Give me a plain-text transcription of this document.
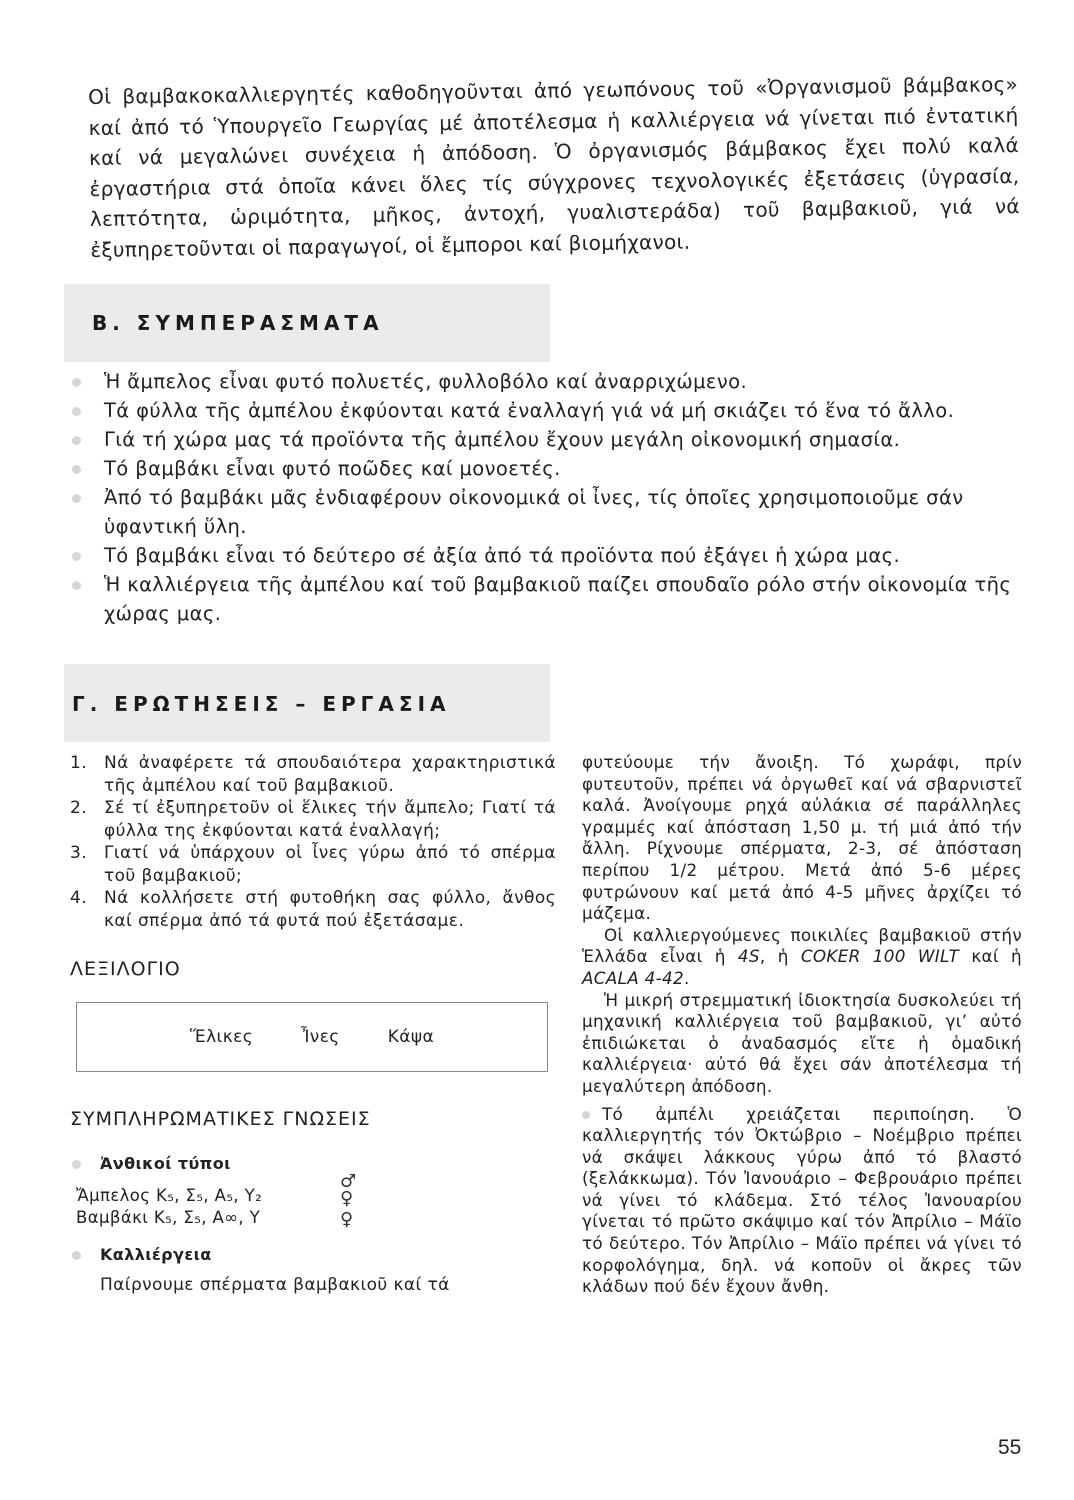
Οἱ βαμβακοκαλλιεργητές καθοδηγοῦνται ἀπό γεωπόνους τοῦ «Ὀργανισμοῦ βάμβακος» καί ἀπό τό Ὑπουργεῖο Γεωργίας μέ ἀποτέλεσμα ἡ καλλιέργεια νά γίνεται πιό ἐντατική καί νά μεγαλώνει συνέχεια ἡ ἀπόδοση. Ὁ ὀργανισμός βάμβακος ἔχει πολύ καλά ἐργαστήρια στά ὁποῖα κάνει ὅλες τίς σύγχρονες τεχνολογικές ἐξετάσεις (ὑγρασία, λεπτότητα, ὡριμότητα, μῆκος, ἀντοχή, γυαλιστεράδα) τοῦ βαμβακιοῦ, γιά νά ἐξυπηρετοῦνται οἱ παραγωγοί, οἱ ἔμποροι καί βιομήχανοι.
Β. ΣΥΜΠΕΡΑΣΜΑΤΑ
Ἡ ἄμπελος εἶναι φυτό πολυετές, φυλλοβόλο καί ἀναρριχώμενο.
Τά φύλλα τῆς ἀμπέλου ἐκφύονται κατά ἐναλλαγή γιά νά μή σκιάζει τό ἕνα τό ἄλλο.
Γιά τή χώρα μας τά προϊόντα τῆς ἀμπέλου ἔχουν μεγάλη οἰκονομική σημασία.
Τό βαμβάκι εἶναι φυτό ποῶδες καί μονοετές.
Ἀπό τό βαμβάκι μᾶς ἐνδιαφέρουν οἰκονομικά οἱ ἶνες, τίς ὁποῖες χρησιμοποιοῦμε σάν ὑφαντική ὕλη.
Τό βαμβάκι εἶναι τό δεύτερο σέ ἀξία ἀπό τά προϊόντα πού ἐξάγει ἡ χώρα μας.
Ἡ καλλιέργεια τῆς ἀμπέλου καί τοῦ βαμβακιοῦ παίζει σπουδαῖο ρόλο στήν οἰκονομία τῆς χώρας μας.
Γ. ΕΡΩΤΗΣΕΙΣ – ΕΡΓΑΣΙΑ
1. Νά ἀναφέρετε τά σπουδαιότερα χαρακτηριστικά τῆς ἀμπέλου καί τοῦ βαμβακιοῦ.
2. Σέ τί ἐξυπηρετοῦν οἱ ἕλικες τήν ἄμπελο; Γιατί τά φύλλα της ἐκφύονται κατά ἐναλλαγή;
3. Γιατί νά ὑπάρχουν οἱ ἶνες γύρω ἀπό τό σπέρμα τοῦ βαμβακιοῦ;
4. Νά κολλήσετε στή φυτοθήκη σας φύλλο, ἄνθος καί σπέρμα ἀπό τά φυτά πού ἐξετάσαμε.
ΛΕΞΙΛΟΓΙΟ
Ἕλικες	Ἶνες	Κάψα
ΣΥΜΠΛΗΡΩΜΑΤΙΚΕΣ ΓΝΩΣΕΙΣ
Ἀνθικοί τύποι
♂
♀
♀
Ἄμπελος K₅, Σ₅, A₅, Y₂
Βαμβάκι K₅, Σ₅, A∞, Y
Καλλιέργεια
Παίρνουμε σπέρματα βαμβακιοῦ καί τά

φυτεύουμε τήν ἄνοιξη. Τό χωράφι, πρίν φυτευτοῦν, πρέπει νά ὀργωθεῖ καί νά σβαρνιστεῖ καλά. Ἀνοίγουμε ρηχά αὐλάκια σέ παράλληλες γραμμές καί ἀπόσταση 1,50 μ. τή μιά ἀπό τήν ἄλλη. Ρίχνουμε σπέρματα, 2-3, σέ ἀπόσταση περίπου 1/2 μέτρου. Μετά ἀπό 5-6 μέρες φυτρώνουν καί μετά ἀπό 4-5 μῆνες ἀρχίζει τό μάζεμα.

Οἱ καλλιεργούμενες ποικιλίες βαμβακιοῦ στήν Ἑλλάδα εἶναι ἡ 4S, ἡ COKER 100 WILT καί ἡ ACALA 4-42.

Ἡ μικρή στρεμματική ἰδιοκτησία δυσκολεύει τή μηχανική καλλιέργεια τοῦ βαμβακιοῦ, γι’ αὐτό ἐπιδιώκεται ὁ ἀναδασμός εἴτε ἡ ὁμαδική καλλιέργεια· αὐτό θά ἔχει σάν ἀποτέλεσμα τή μεγαλύτερη ἀπόδοση.

Τό ἀμπέλι χρειάζεται περιποίηση. Ὁ καλλιεργητής τόν Ὀκτώβριο – Νοέμβριο πρέπει νά σκάψει λάκκους γύρω ἀπό τό βλαστό (ξελάκκωμα). Τόν Ἰανουάριο – Φεβρουάριο πρέπει νά γίνει τό κλάδεμα. Στό τέλος Ἰανουαρίου γίνεται τό πρῶτο σκάψιμο καί τόν Ἀπρίλιο – Μάϊο τό δεύτερο. Τόν Ἀπρίλιο – Μάϊο πρέπει νά γίνει τό κορφολόγημα, δηλ. νά κοποῦν οἱ ἄκρες τῶν κλάδων πού δέν ἔχουν ἄνθη.

55
